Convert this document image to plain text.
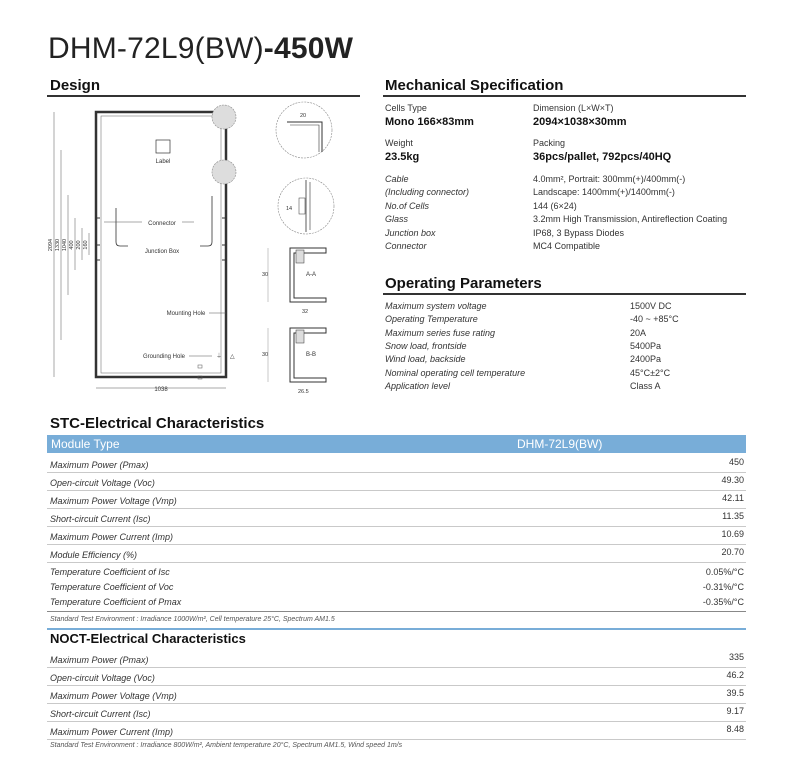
DHM-72L9(BW)-450W
Design
Label
Connector
Junction Box
Mounting Hole
Grounding Hole	⏚ △
2094 1330 1040 400 200 160
1038
20
14
30	A-A
32
30	B-B
26.5
Mechanical Specification
Cells Type
Mono 166×83mm
Dimension (L×W×T)
2094×1038×30mm
Weight
23.5kg
Packing
36pcs/pallet, 792pcs/40HQ
Cable	4.0mm², Portrait: 300mm(+)/400mm(-)
(Including connector)	Landscape: 1400mm(+)/1400mm(-)
No.of Cells	144 (6×24)
Glass	3.2mm High Transmission, Antireflection Coating
Junction box	IP68, 3 Bypass Diodes
Connector	MC4 Compatible
Operating Parameters
Maximum system voltage	1500V DC
Operating Temperature	-40 ~ +85°C
Maximum series fuse rating	20A
Snow load, frontside	5400Pa
Wind load, backside	2400Pa
Nominal operating cell temperature	45°C±2°C
Application level	Class A
STC-Electrical Characteristics
Module Type	DHM-72L9(BW)
Maximum Power (Pmax)	450
Open-circuit Voltage (Voc)	49.30
Maximum Power Voltage (Vmp)	42.11
Short-circuit Current (Isc)	11.35
Maximum Power Current (Imp)	10.69
Module Efficiency (%)	20.70
Temperature Coefficient of Isc	0.05%/°C
Temperature Coefficient of Voc	-0.31%/°C
Temperature Coefficient of Pmax	-0.35%/°C
Standard Test Environment : Irradiance 1000W/m², Cell temperature 25°C, Spectrum AM1.5
NOCT-Electrical Characteristics
Maximum Power (Pmax)	335
Open-circuit Voltage (Voc)	46.2
Maximum Power Voltage (Vmp)	39.5
Short-circuit Current (Isc)	9.17
Maximum Power Current (Imp)	8.48
Standard Test Environment : Irradiance 800W/m², Ambient temperature 20°C, Spectrum AM1.5, Wind speed 1m/s
